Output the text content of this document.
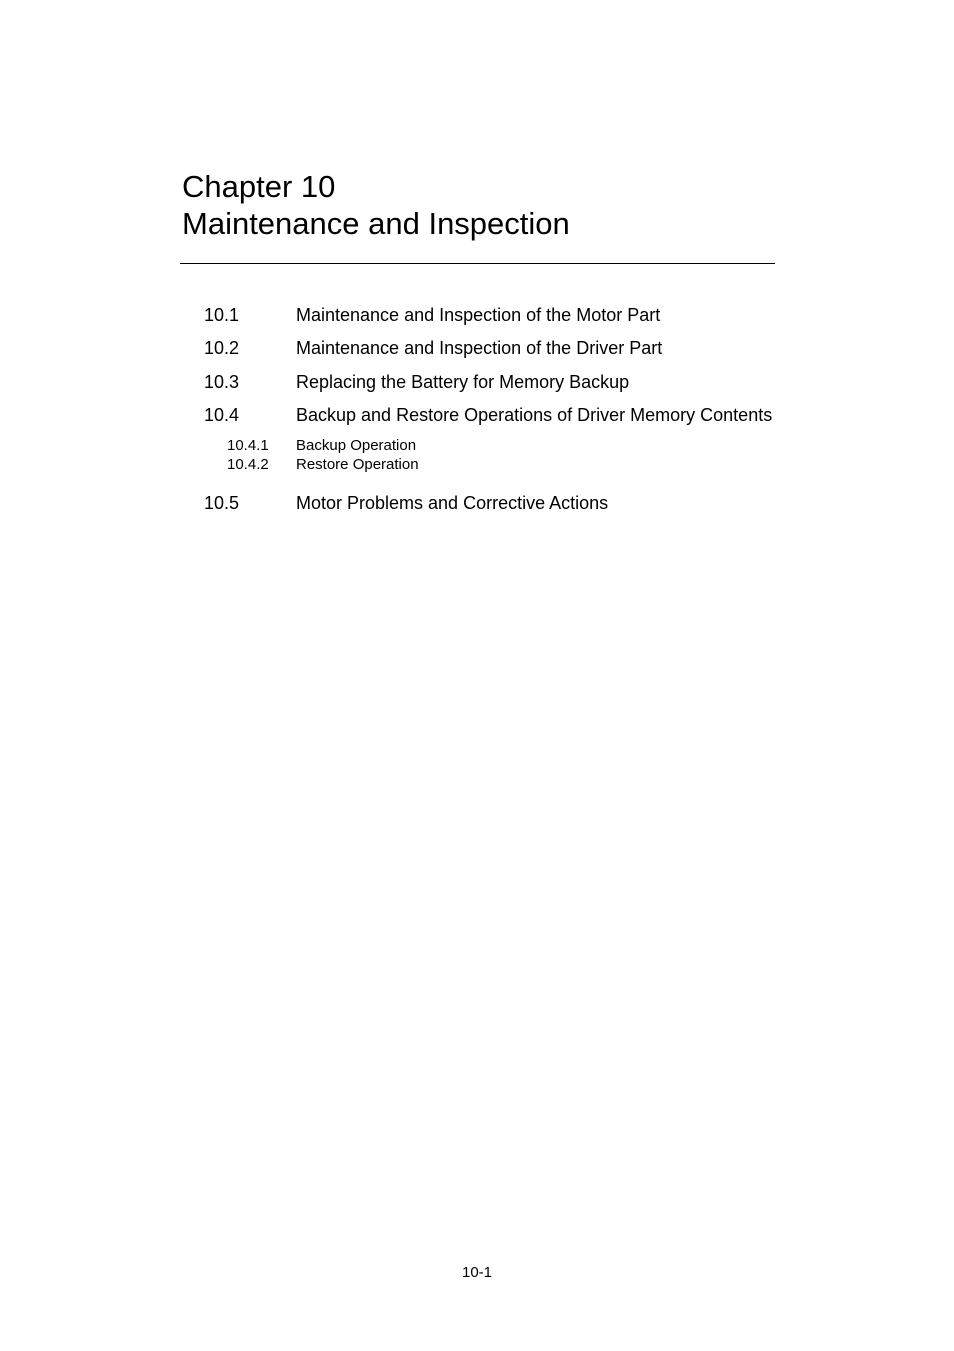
Chapter 10
Maintenance and Inspection
10.1	Maintenance and Inspection of the Motor Part
10.2	Maintenance and Inspection of the Driver Part
10.3	Replacing the Battery for Memory Backup
10.4	Backup and Restore Operations of Driver Memory Contents
10.4.1 Backup Operation
10.4.2 Restore Operation
10.5	Motor Problems and Corrective Actions
10-1
